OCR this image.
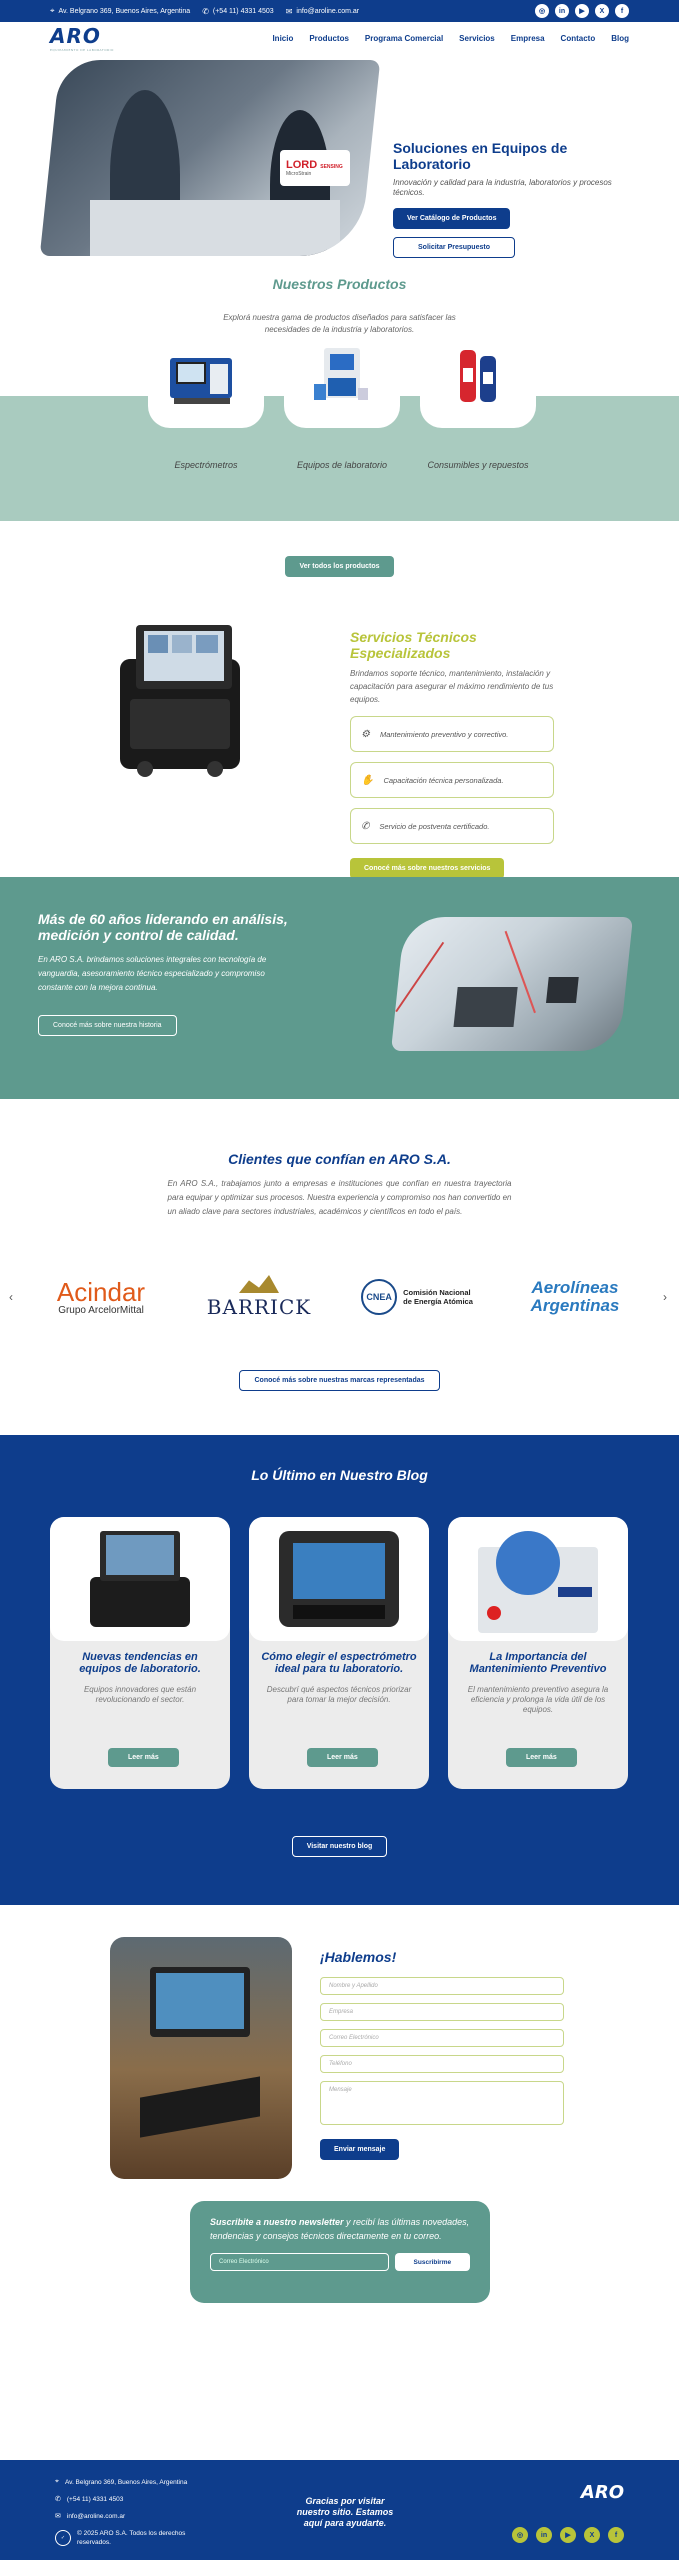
⌖ Av. Belgrano 369, Buenos Aires, Argentina ✆ (+54 11) 4331 4503 ✉ info@aroline.com.ar	◎	in	▶	X	f
ARO
EQUIPAMIENTO DE LABORATORIO
Inicio Productos Programa Comercial Servicios Empresa Contacto Blog
LORD SENSING
MicroStrain
Soluciones en Equipos de Laboratorio

Innovación y calidad para la industria, laboratorios y procesos técnicos.

Ver Catálogo de Productos
Solicitar Presupuesto
Nuestros Productos
Explorá nuestra gama de productos diseñados para satisfacer las necesidades de la industria y laboratorios.
Espectrómetros	Equipos de laboratorio	Consumibles y repuestos
Ver todos los productos
Servicios Técnicos Especializados
Brindamos soporte técnico, mantenimiento, instalación y capacitación para asegurar el máximo rendimiento de tus equipos.
⚙ Mantenimiento preventivo y correctivo.
✋ Capacitación técnica personalizada.
✆ Servicio de postventa certificado.
Conocé más sobre nuestros servicios
Más de 60 años liderando en análisis, medición y control de calidad.

En ARO S.A. brindamos soluciones integrales con tecnología de vanguardia, asesoramiento técnico especializado y compromiso constante con la mejora continua.

Conocé más sobre nuestra historia
Clientes que confían en ARO S.A.
En ARO S.A., trabajamos junto a empresas e instituciones que confían en nuestra trayectoria para equipar y optimizar sus procesos. Nuestra experiencia y compromiso nos han convertido en un aliado clave para sectores industriales, académicos y científicos en todo el país.
‹	Acindar
Grupo ArcelorMittal	BARRICK	CNEA	Comisión Nacional
de Energía Atómica
Aerolíneas
Argentinas	›
Conocé más sobre nuestras marcas representadas
Lo Último en Nuestro Blog
Nuevas tendencias en equipos de laboratorio.

Equipos innovadores que están revolucionando el sector.

Leer más
Cómo elegir el espectrómetro ideal para tu laboratorio.

Descubrí qué aspectos técnicos priorizar para tomar la mejor decisión.

Leer más
La Importancia del Mantenimiento Preventivo

El mantenimiento preventivo asegura la eficiencia y prolonga la vida útil de los equipos.

Leer más
Visitar nuestro blog
¡Hablemos!
Nombre y Apellido
Empresa
Correo Electrónico
Teléfono
Mensaje
Enviar mensaje

Suscribite a nuestro newsletter y recibí las últimas novedades, tendencias y consejos técnicos directamente en tu correo.

Correo Electrónico	Suscribirme
⌖ Av. Belgrano 369, Buenos Aires, Argentina
✆ (+54 11) 4331 4503
✉ info@aroline.com.ar
✓
© 2025 ARO S.A. Todos los derechos
reservados.
Gracias por visitar nuestro sitio. Estamos aquí para ayudarte.
ARO
◎	in	▶	X	f
